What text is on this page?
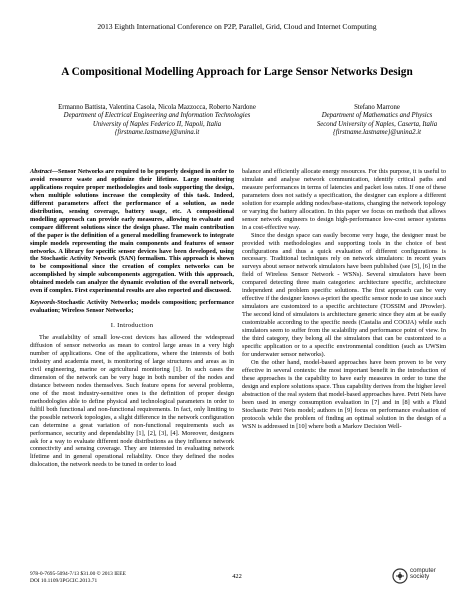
2013 Eighth International Conference on P2P, Parallel, Grid, Cloud and Internet Computing
A Compositional Modelling Approach for Large Sensor Networks Design
Ermanno Battista, Valentina Casola, Nicola Mazzocca, Roberto Nardone
Department of Electrical Engineering and Information Technologies
University of Naples Federico II, Napoli, Italia
{firstname.lastname}@unina.it
Stefano Marrone
Department of Mathematics and Physics
Second University of Naples, Caserta, Italia
{firstname.lastname}@unina2.it
Abstract—Sensor Networks are required to be properly designed in order to avoid resource waste and optimize their lifetime. Large monitoring applications require proper methodologies and tools supporting the design, when multiple solutions increase the complexity of this task. Indeed, different parameters affect the performance of a solution, as node distribution, sensing coverage, battery usage, etc. A compositional modelling approach can provide early measures, allowing to evaluate and compare different solutions since the design phase. The main contribution of the paper is the definition of a general modelling framework to integrate simple models representing the main components and features of sensor networks. A library for specific sensor devices have been developed, using the Stochastic Activity Network (SAN) formalism. This approach is shown to be compositional since the creation of complex networks can be accomplished by simple subcomponents aggregation. With this approach, obtained models can analyze the dynamic evolution of the overall network, even if complex. First experimental results are also reported and discussed.
Keywords-Stochastic Activity Networks; models composition; performance evaluation; Wireless Sensor Networks;
I. Introduction

The availability of small low-cost devices has allowed the widespread diffusion of sensor networks as mean to control large areas in a very high number of applications. One of the applications, where the interests of both industry and academia meet, is monitoring of large structures and areas as in civil engineering, marine or agricultural monitoring [1]. In such cases the dimension of the network can be very huge in both number of the nodes and distance between nodes themselves. Such feature opens for several problems, one of the most industry-sensitive ones is the definition of proper design methodologies able to define physical and technological parameters in order to fulfill both functional and non-functional requirements. In fact, only limiting to the possible network topologies, a slight difference in the network configuration can determine a great variation of non-functional requirements such as performance, security and dependability [1], [2], [3], [4]. Moreover, designers ask for a way to evaluate different node distributions as they influence network connectivity and sensing coverage. They are interested in evaluating network lifetime and in general operational reliability. Once they defined the nodes dislocation, the network needs to be tuned in order to load

balance and efficiently allocate energy resources. For this purpose, it is useful to simulate and analyse network communication, identify critical paths and measure performances in terms of latencies and packet loss rates. If one of these parameters does not satisfy a specification, the designer can explore a different solution for example adding nodes/base-stations, changing the network topology or varying the battery allocation. In this paper we focus on methods that allows sensor network engineers to design high-performance low-cost sensor systems in a cost-effective way.

Since the design space can easily become very huge, the designer must be provided with methodologies and supporting tools in the choice of best configurations and thus a quick evaluation of different configurations is necessary. Traditional techniques rely on network simulators: in recent years surveys about sensor network simulators have been published (see [5], [6] in the field of Wireless Sensor Network - WSNs). Several simulators have been compared detecting three main categories: architecture specific, architecture independent and problem specific solutions. The first approach can be very effective if the designer knows a-priori the specific sensor node to use since such simulators are customized to a specific architecture (TOSSIM and JProwler). The second kind of simulators is architecture generic since they aim at be easily customizable according to the specific needs (Castalia and COOJA) while such simulators seem to suffer from the scalability and performance point of view. In the third category, they belong all the simulators that can be customized to a specific application or to a specific environmental condition (such as UWSim for underwater sensor networks).

On the other hand, model-based approaches have been proven to be very effective in several contexts: the most important benefit in the introduction of these approaches is the capability to have early measures in order to tune the design and explore solutions space. Thus capability derives from the higher level abstraction of the real system that model-based approaches have. Petri Nets have been used in energy consumption evaluation in [7] and in [8] with a Fluid Stochastic Petri Nets model; authors in [9] focus on performance evaluation of protocols while the problem of finding an optimal solution in the design of a WSN is addressed in [10] where both a Markov Decision Well-

978-0-7695-5094-7/13 $31.00 © 2013 IEEE
DOI 10.1109/3PGCIC.2013.71
422
computer
society
